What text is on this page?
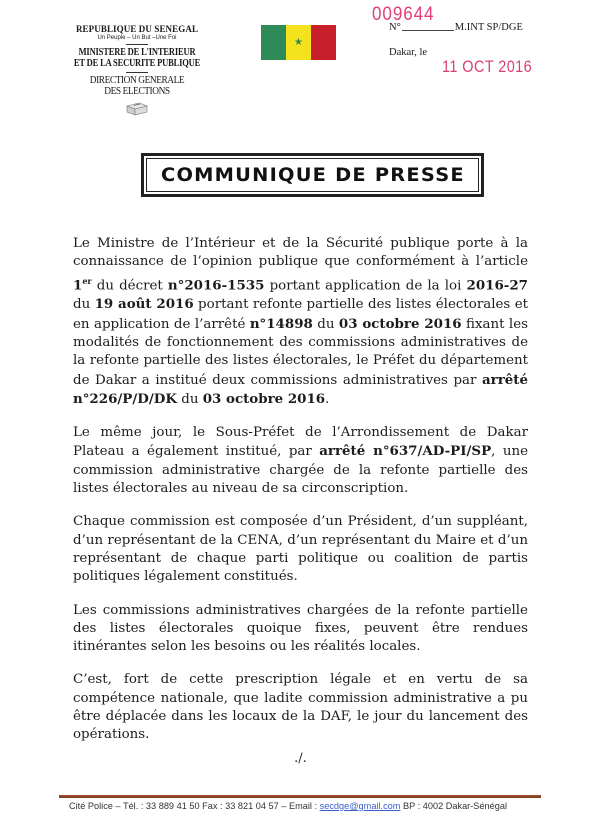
REPUBLIQUE DU SENEGAL
Un Peuple – Un But –Une Foi
MINISTERE DE L'INTERIEUR
ET DE LA SECURITE PUBLIQUE
DIRECTION GENERALE
DES ELECTIONS
★
009644
N°	M.INT SP/DGE
Dakar, le
11 OCT 2016
COMMUNIQUE DE PRESSE

Le Ministre de l’Intérieur et de la Sécurité publique porte à la connaissance de l’opinion publique que conformément à l’article 1er du décret n°2016-1535 portant application de la loi 2016-27 du 19 août 2016 portant refonte partielle des listes électorales et en application de l’arrêté n°14898 du 03 octobre 2016 fixant les modalités de fonctionnement des commissions administratives de la refonte partielle des listes électorales, le Préfet du département de Dakar a institué deux commissions administratives par arrêté n°226/P/D/DK du 03 octobre 2016.

Le même jour, le Sous-Préfet de l’Arrondissement de Dakar Plateau a également institué, par arrêté n°637/AD-PI/SP, une commission administrative chargée de la refonte partielle des listes électorales au niveau de sa circonscription.

Chaque commission est composée d’un Président, d’un suppléant, d’un représentant de la CENA, d’un représentant du Maire et d’un représentant de chaque parti politique ou coalition de partis politiques légalement constitués.

Les commissions administratives chargées de la refonte partielle des listes électorales quoique fixes, peuvent être rendues itinérantes selon les besoins ou les réalités locales.

C’est, fort de cette prescription légale et en vertu de sa compétence nationale, que ladite commission administrative a pu être déplacée dans les locaux de la DAF, le jour du lancement des opérations.

./.
Cité Police – Tél. : 33 889 41 50 Fax : 33 821 04 57 – Email : secdge@gmail.com BP : 4002 Dakar-Sénégal
